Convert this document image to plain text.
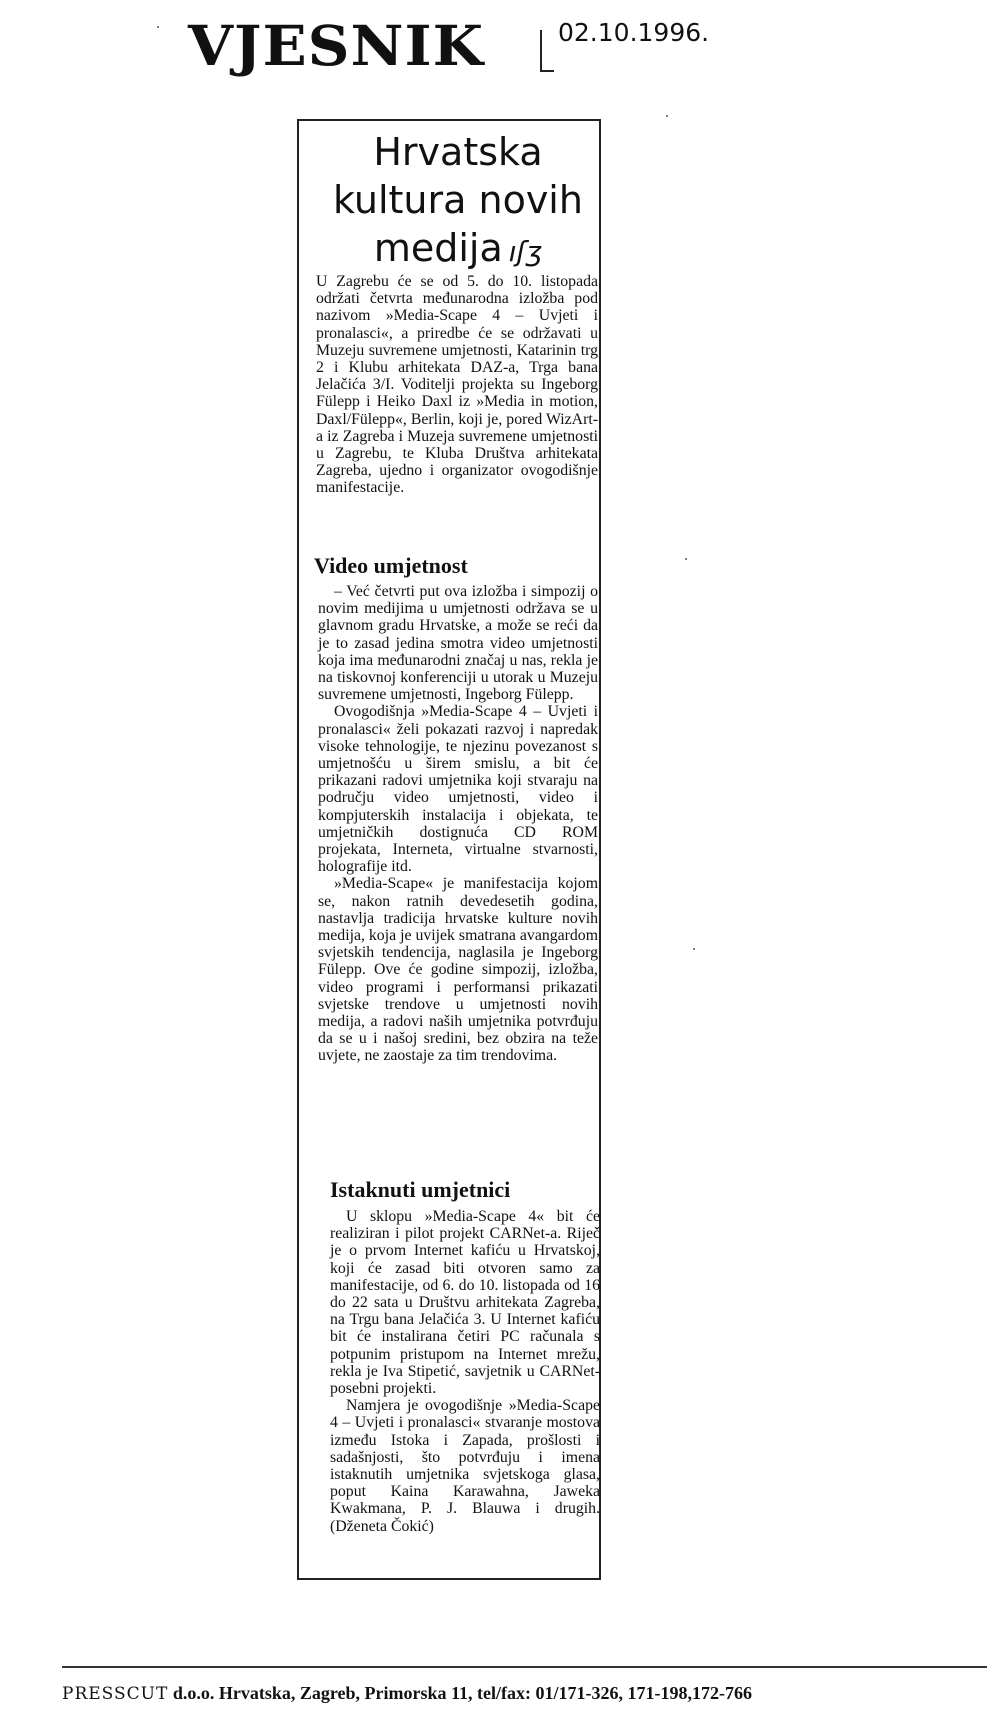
VJESNIK	02.10.1996.
Hrvatska
kultura novih
medija ıʃʒ
U Zagrebu će se od 5. do 10. listopada održati četvrta međunarodna izložba pod nazivom »Media-Scape 4 – Uvjeti i pronalasci«, a priredbe će se održavati u Muzeju suvremene umjetnosti, Katarinin trg 2 i Klubu arhitekata DAZ-a, Trga bana Jelačića 3/I. Voditelji projekta su Ingeborg Fülepp i Heiko Daxl iz »Media in motion, Daxl/Fülepp«, Berlin, koji je, pored WizArt-a iz Zagreba i Muzeja suvremene umjetnosti u Zagrebu, te Kluba Društva arhitekata Zagreba, ujedno i organizator ovogodišnje manifestacije.
Video umjetnost

– Već četvrti put ova izložba i simpozij o novim medijima u umjetnosti održava se u glavnom gradu Hrvatske, a može se reći da je to zasad jedina smotra video umjetnosti koja ima međunarodni značaj u nas, rekla je na tiskovnoj konferenciji u utorak u Muzeju suvremene umjetnosti, Ingeborg Fülepp.

Ovogodišnja »Media-Scape 4 – Uvjeti i pronalasci« želi pokazati razvoj i napredak visoke tehnologije, te njezinu povezanost s umjetnošću u širem smislu, a bit će prikazani radovi umjetnika koji stvaraju na području video umjetnosti, video i kompjuterskih instalacija i objekata, te umjetničkih dostignuća CD ROM projekata, Interneta, virtualne stvarnosti, holografije itd.

»Media-Scape« je manifestacija kojom se, nakon ratnih devedesetih godina, nastavlja tradicija hrvatske kulture novih medija, koja je uvijek smatrana avangardom svjetskih tendencija, naglasila je Ingeborg Fülepp. Ove će godine simpozij, izložba, video programi i performansi prikazati svjetske trendove u umjetnosti novih medija, a radovi naših umjetnika potvrđuju da se u i našoj sredini, bez obzira na teže uvjete, ne zaostaje za tim trendovima.

Istaknuti umjetnici

U sklopu »Media-Scape 4« bit će realiziran i pilot projekt CARNet-a. Riječ je o prvom Internet kafiću u Hrvatskoj, koji će zasad biti otvoren samo za manifestacije, od 6. do 10. listopada od 16 do 22 sata u Društvu arhitekata Zagreba, na Trgu bana Jelačića 3. U Internet kafiću bit će instalirana četiri PC računala s potpunim pristupom na Internet mrežu, rekla je Iva Stipetić, savjetnik u CARNet-posebni projekti.

Namjera je ovogodišnje »Media-Scape 4 – Uvjeti i pronalasci« stvaranje mostova između Istoka i Zapada, prošlosti i sadašnjosti, što potvrđuju i imena istaknutih umjetnika svjetskoga glasa, poput Kaina Karawahna, Jaweka Kwakmana, P. J. Blauwa i drugih. (Dženeta Čokić)

PRESSCUT d.o.o. Hrvatska, Zagreb, Primorska 11, tel/fax: 01/171-326, 171-198,172-766
